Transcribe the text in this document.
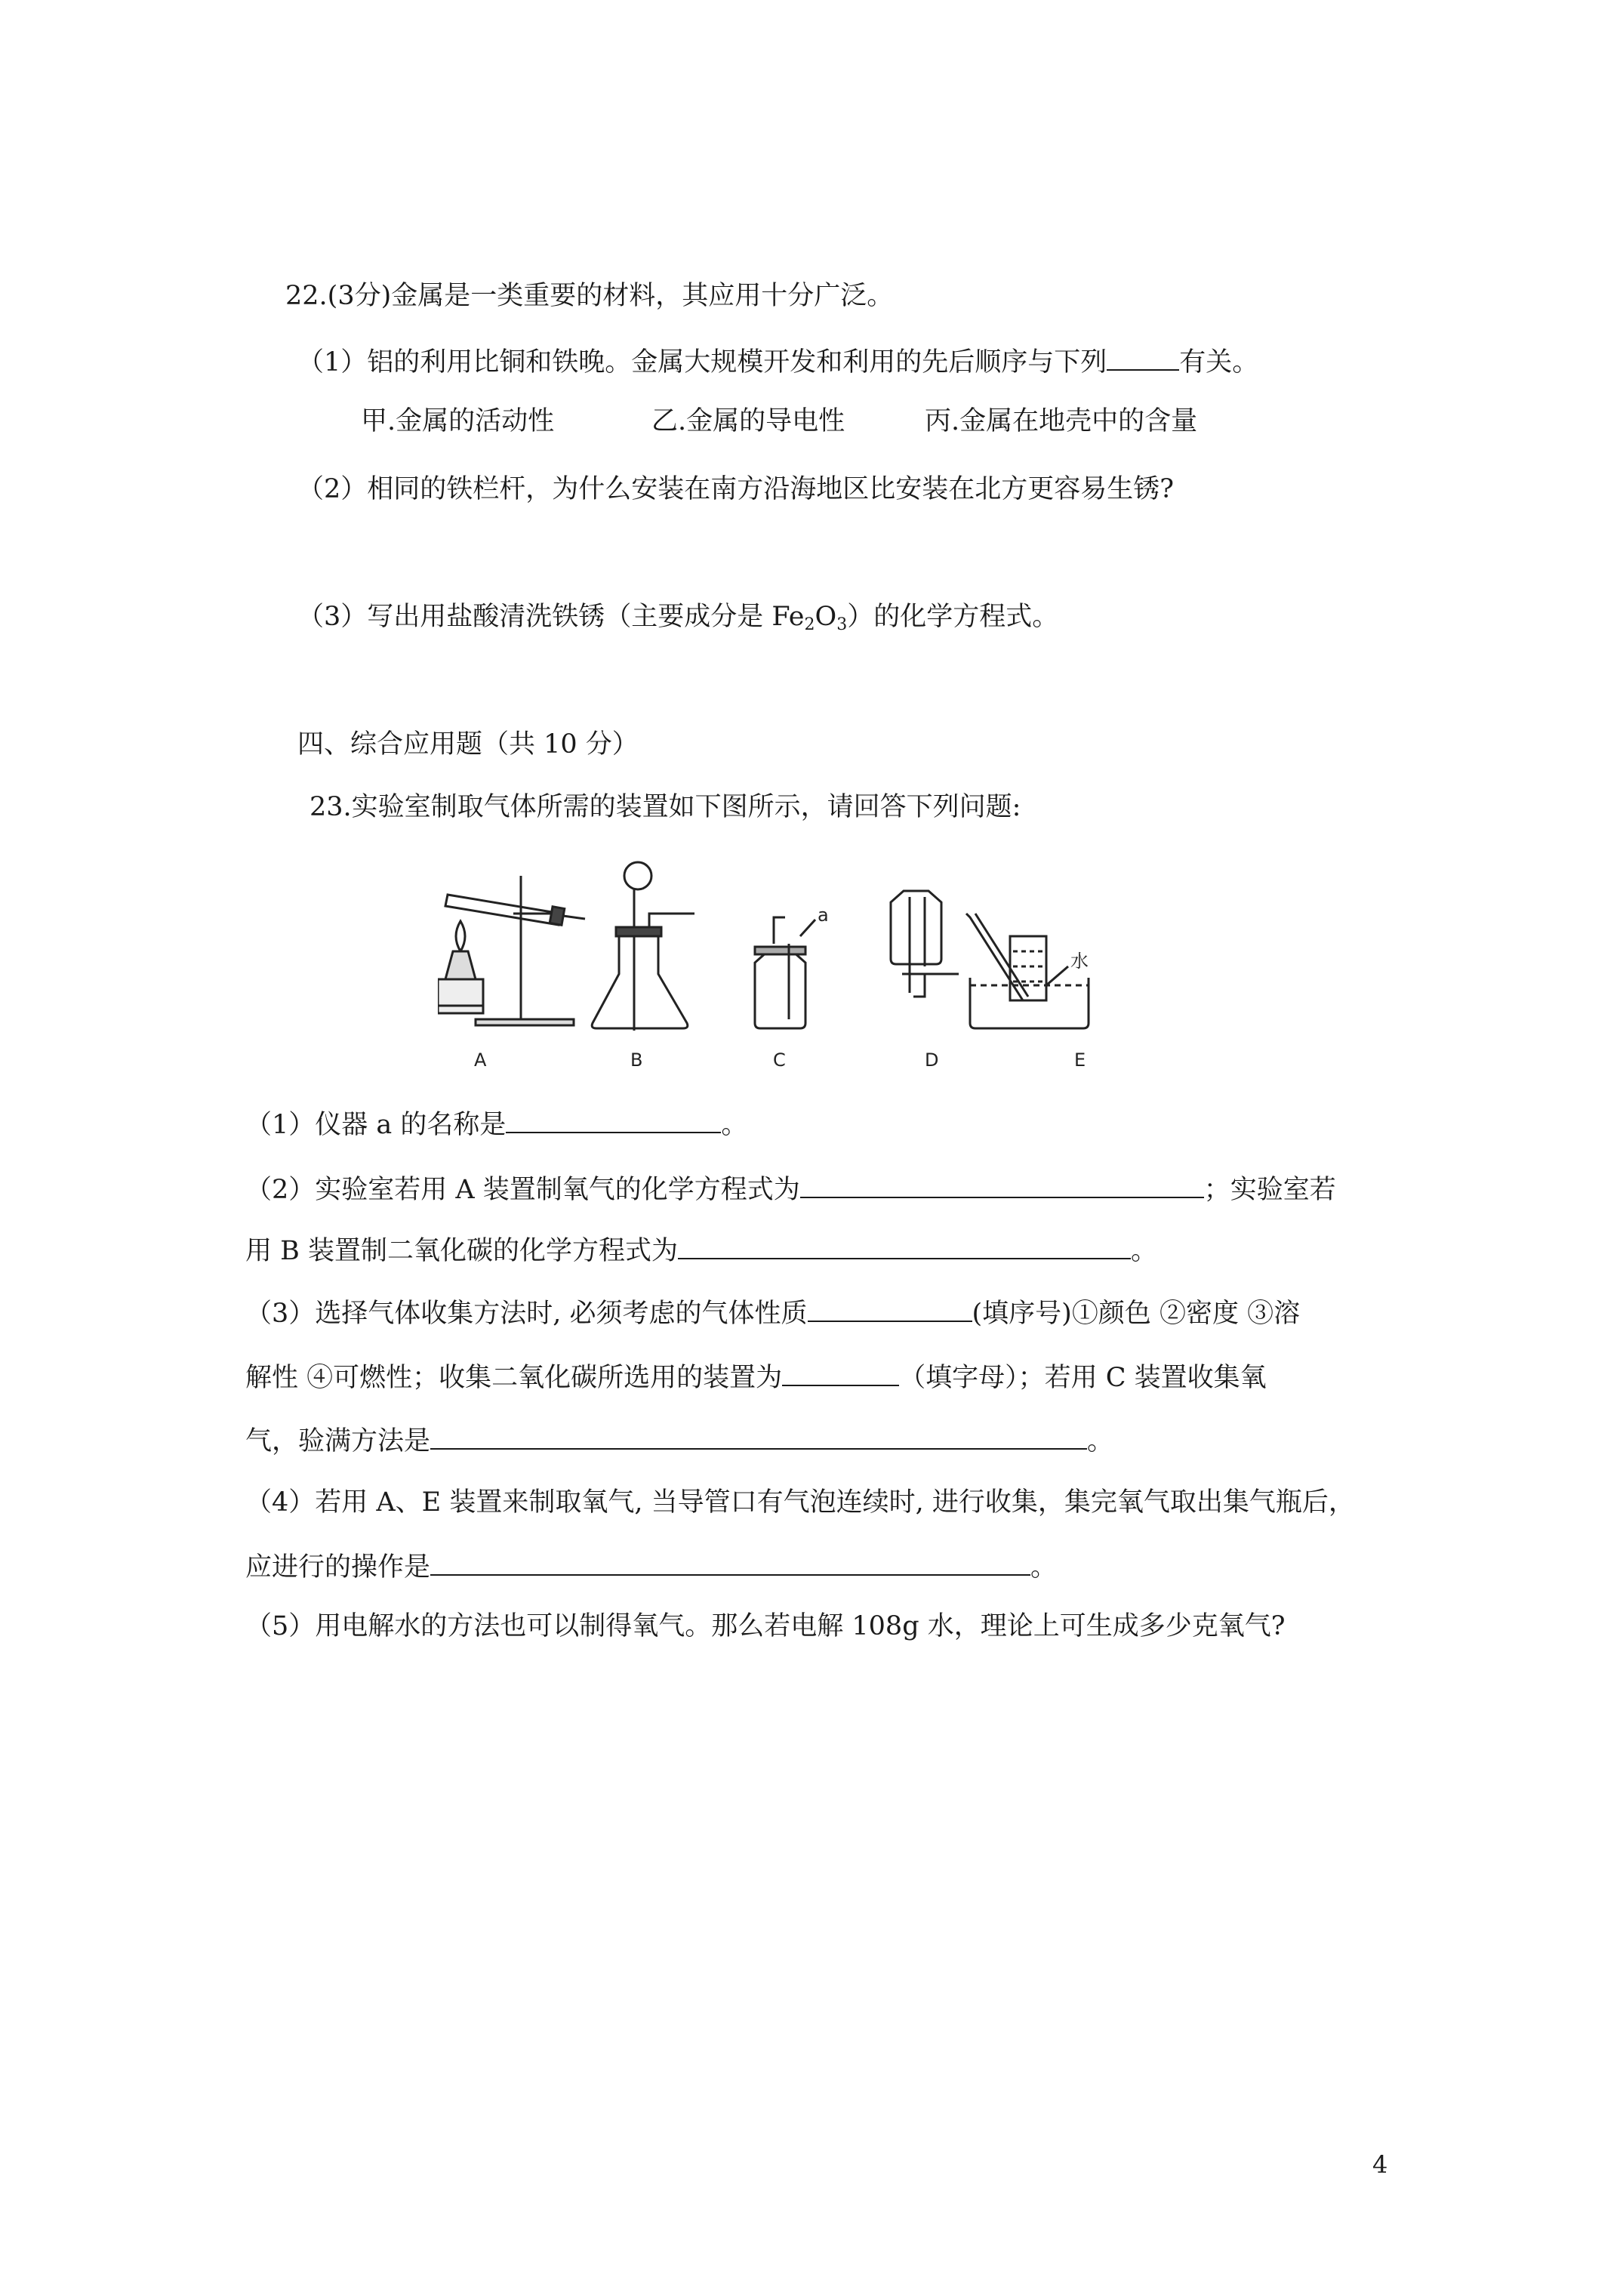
22.(3分)金属是一类重要的材料，其应用十分广泛。
（1）铝的利用比铜和铁晚。金属大规模开发和利用的先后顺序与下列	有关。
甲.金属的活动性	乙.金属的导电性	丙.金属在地壳中的含量
（2）相同的铁栏杆，为什么安装在南方沿海地区比安装在北方更容易生锈?
（3）写出用盐酸清洗铁锈（主要成分是 $Fe_2O_3$）的化学方程式。
四、综合应用题（共 10 分）
23.实验室制取气体所需的装置如下图所示，请回答下列问题:
A	B	C	D	E
a
水
（1）仪器 a 的名称是	。
（2）实验室若用 A 装置制氧气的化学方程式为	；实验室若
用 B 装置制二氧化碳的化学方程式为	。
（3）选择气体收集方法时, 必须考虑的气体性质	(填序号)①颜色 ②密度 ③溶
解性 ④可燃性；收集二氧化碳所选用的装置为	（填字母）；若用 C 装置收集氧
气，验满方法是	。
（4）若用 A、E 装置来制取氧气, 当导管口有气泡连续时, 进行收集，集完氧气取出集气瓶后，
应进行的操作是	。
（5）用电解水的方法也可以制得氧气。那么若电解 108g 水，理论上可生成多少克氧气?
4
